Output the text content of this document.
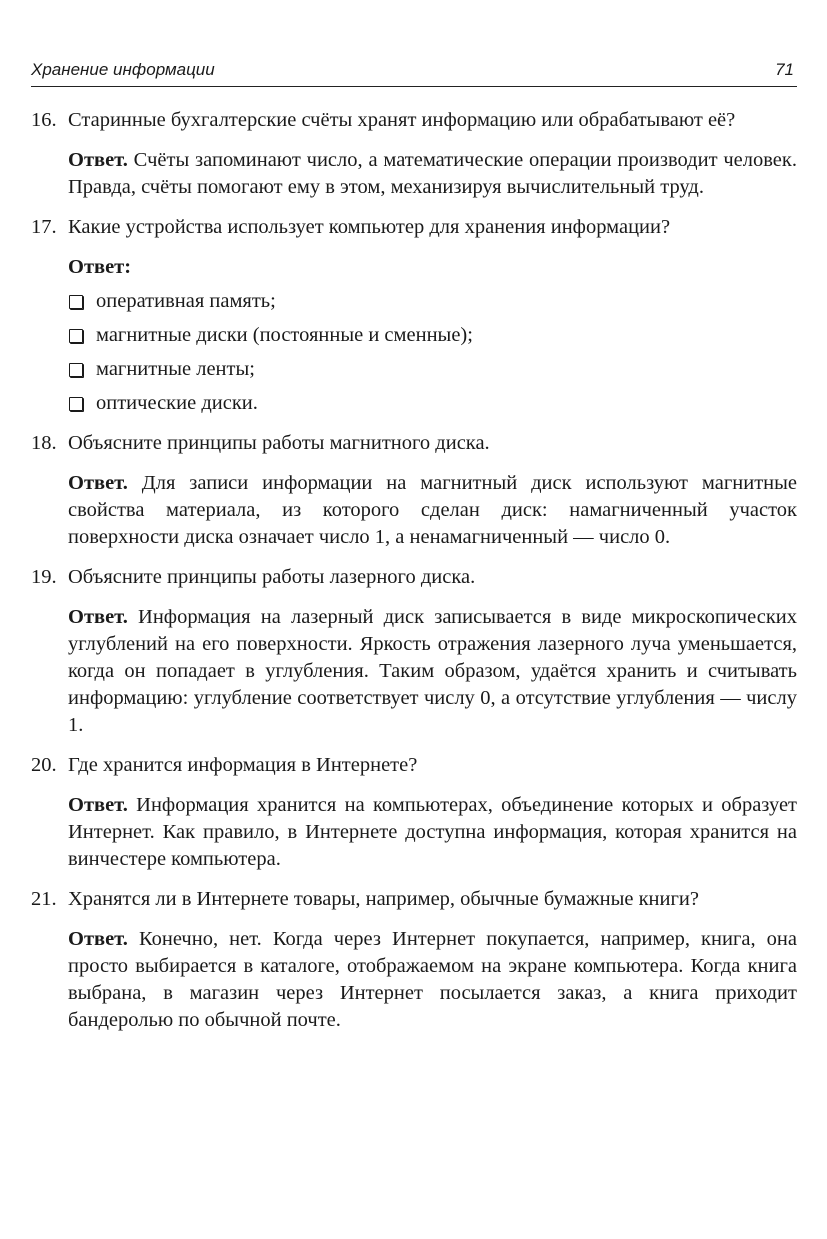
Хранение информации	71
16. Старинные бухгалтерские счёты хранят информацию или обрабатывают её?
Ответ. Счёты запоминают число, а математические операции производит человек. Правда, счёты помогают ему в этом, механизируя вычислительный труд.
17. Какие устройства использует компьютер для хранения информации?
Ответ:
оперативная память;
магнитные диски (постоянные и сменные);
магнитные ленты;
оптические диски.
18. Объясните принципы работы магнитного диска.
Ответ. Для записи информации на магнитный диск используют магнитные свойства материала, из которого сделан диск: намагниченный участок поверхности диска означает число 1, а ненамагниченный — число 0.
19. Объясните принципы работы лазерного диска.
Ответ. Информация на лазерный диск записывается в виде микроскопических углублений на его поверхности. Яркость отражения лазерного луча уменьшается, когда он попадает в углубления. Таким образом, удаётся хранить и считывать информацию: углубление соответствует числу 0, а отсутствие углубления — числу 1.
20. Где хранится информация в Интернете?
Ответ. Информация хранится на компьютерах, объединение которых и образует Интернет. Как правило, в Интернете доступна информация, которая хранится на винчестере компьютера.
21. Хранятся ли в Интернете товары, например, обычные бумажные книги?
Ответ. Конечно, нет. Когда через Интернет покупается, например, книга, она просто выбирается в каталоге, отображаемом на экране компьютера. Когда книга выбрана, в магазин через Интернет посылается заказ, а книга приходит бандеролью по обычной почте.
